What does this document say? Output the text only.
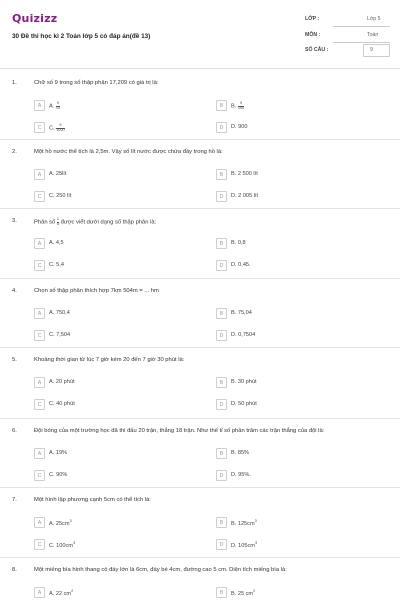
Quizizz
30 Đề thi học kì 2 Toán lớp 5 có đáp án(đề 13)
LỚP :	Lớp 5
MÔN :	Toán
SỐ CÂU :	9
1.	Chữ số 9 trong số thập phân 17,209 có giá trị là:
A	A. $\frac{9}{10}$	B	B. $\frac{9}{100}$
C	C. $\frac{9}{1000}$	D	D. 900
2.	Một hồ nước thể tích là 2,5m. Vậy số lít nước được chứa đầy trong hồ là:
A	A. 25lít	B	B. 2 500 lít
C	C. 250 lít	D	D. 2 005 lít
3.	Phân số $\frac{1}{5}$ được viết dưới dạng số thập phân là:
A	A. 4,5	B	B. 0,8
C	C. 5,4	D	D. 0,45.
4.	Chọn số thập phân thích hợp 7km 504m = ... hm
A	A. 750,4	B	B. 75,04
C	C. 7,504	D	D. 0,7504
5.	Khoảng thời gian từ lúc 7 giờ kém 20 đến 7 giờ 30 phút là:
A	A. 20 phút	B	B. 30 phút
C	C. 40 phút	D	D. 50 phút
6.	Đội bóng của một trường học đã thi đấu 20 trận, thắng 18 trận. Như thế tỉ số phần trăm các trận thắng của đội là:
A	A. 19%	B	B. 85%
C	C. 90%	D	D. 95%.
7.	Một hình lập phương cạnh 5cm có thể tích là:
A	A. $25cm^3$	B	B. $125cm^3$
C	C. $100cm^3$	D	D. $105cm^3$
8.	Một miếng bìa hình thang có đáy lớn là 6cm, đáy bé 4cm, đường cao 5 cm. Diện tích miếng bìa là:
A	A. 22 $cm^2$	B	B. 25 $cm^2$
